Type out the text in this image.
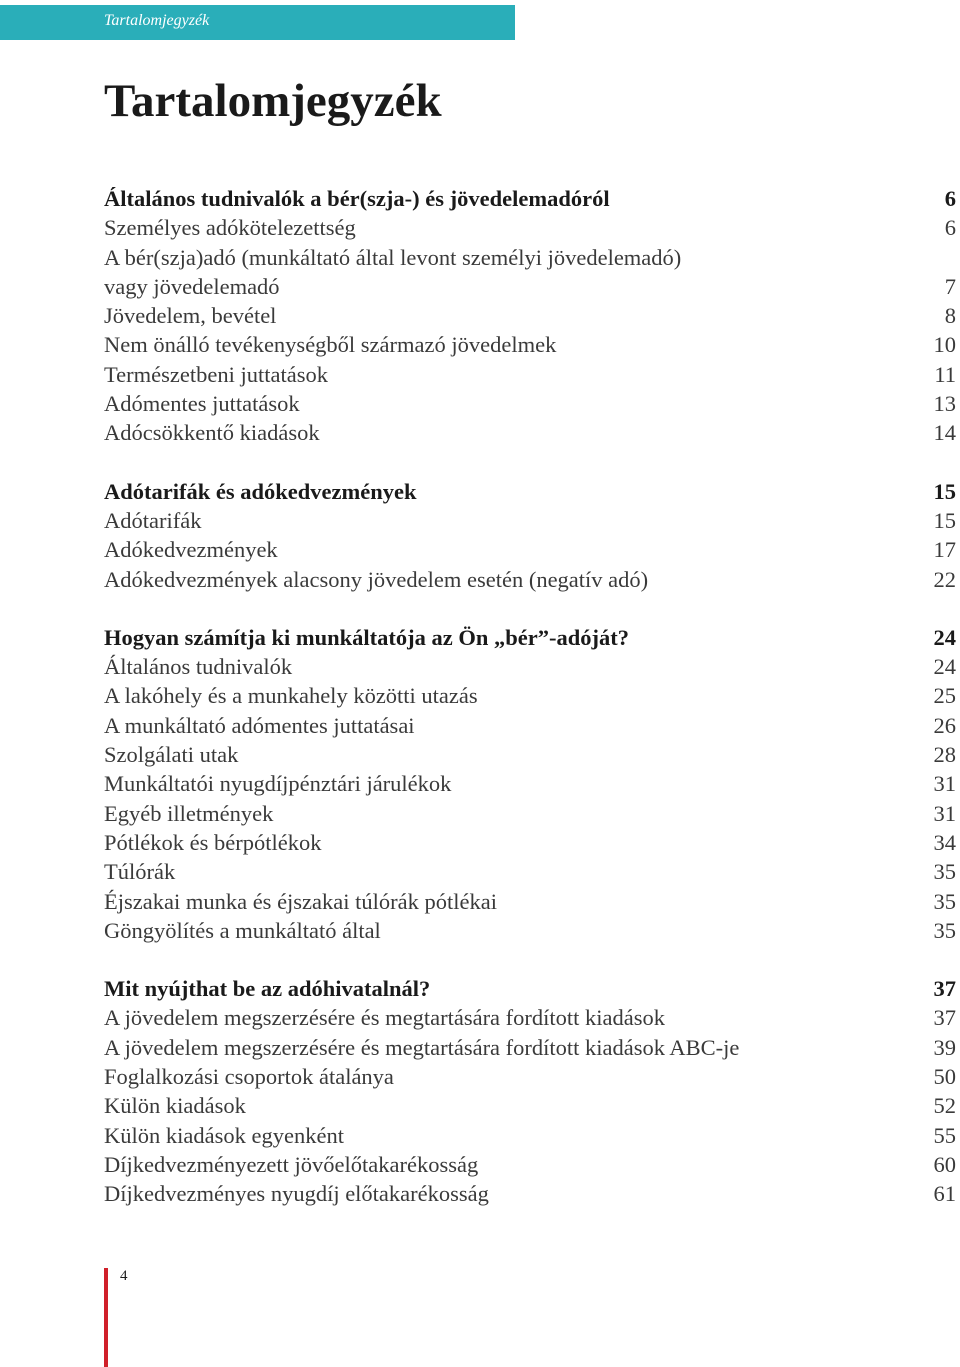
Tartalomjegyzék
Tartalomjegyzék
Általános tudnivalók a bér(szja-) és jövedelemadóról	6
Személyes adókötelezettség	6
A bér(szja)adó (munkáltató által levont személyi jövedelemadó)
vagy jövedelemadó	7
Jövedelem, bevétel	8
Nem önálló tevékenységből származó jövedelmek	10
Természetbeni juttatások	11
Adómentes juttatások	13
Adócsökkentő kiadások	14
Adótarifák és adókedvezmények	15
Adótarifák	15
Adókedvezmények	17
Adókedvezmények alacsony jövedelem esetén (negatív adó)	22
Hogyan számítja ki munkáltatója az Ön „bér”-adóját?	24
Általános tudnivalók	24
A lakóhely és a munkahely közötti utazás	25
A munkáltató adómentes juttatásai	26
Szolgálati utak	28
Munkáltatói nyugdíjpénztári járulékok	31
Egyéb illetmények	31
Pótlékok és bérpótlékok	34
Túlórák	35
Éjszakai munka és éjszakai túlórák pótlékai	35
Göngyölítés a munkáltató által	35
Mit nyújthat be az adóhivatalnál?	37
A jövedelem megszerzésére és megtartására fordított kiadások	37
A jövedelem megszerzésére és megtartására fordított kiadások ABC-je	39
Foglalkozási csoportok átalánya	50
Külön kiadások	52
Külön kiadások egyenként	55
Díjkedvezményezett jövőelőtakarékosság	60
Díjkedvezményes nyugdíj előtakarékosság	61
4
